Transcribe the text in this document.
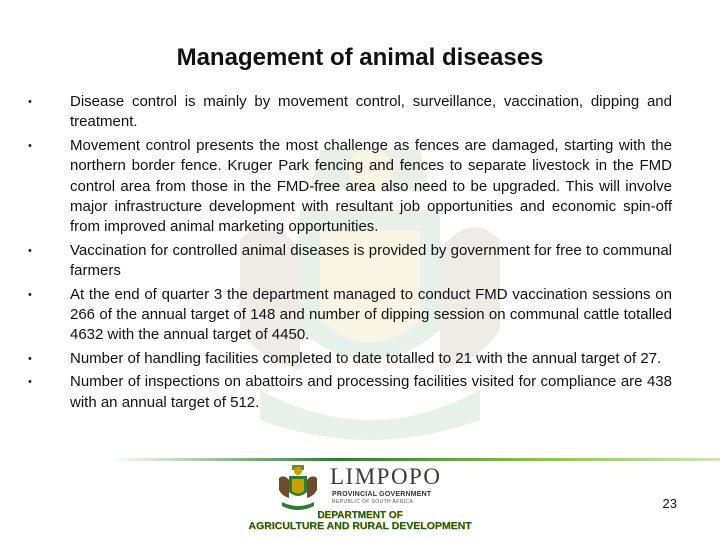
Management of animal diseases
•	Disease control is mainly by movement control, surveillance, vaccination, dipping and treatment.
•	Movement control presents the most challenge as fences are damaged, starting with the northern border fence. Kruger Park fencing and fences to separate livestock in the FMD control area from those in the FMD-free area also need to be upgraded. This will involve major infrastructure development with resultant job opportunities and economic spin-off from improved animal marketing opportunities.
•	Vaccination for controlled animal diseases is provided by government for free to communal farmers
•	At the end of quarter 3 the department managed to conduct FMD vaccination sessions on 266 of the annual target of 148 and number of dipping session on communal cattle totalled 4632 with the annual target of 4450.
•	Number of handling facilities completed to date totalled to 21 with the annual target of 27.
•	Number of inspections on abattoirs and processing facilities visited for compliance are 438 with an annual target of 512.
LIMPOPO
PROVINCIAL GOVERNMENT
REPUBLIC OF SOUTH AFRICA
DEPARTMENT OF
AGRICULTURE AND RURAL DEVELOPMENT
23
